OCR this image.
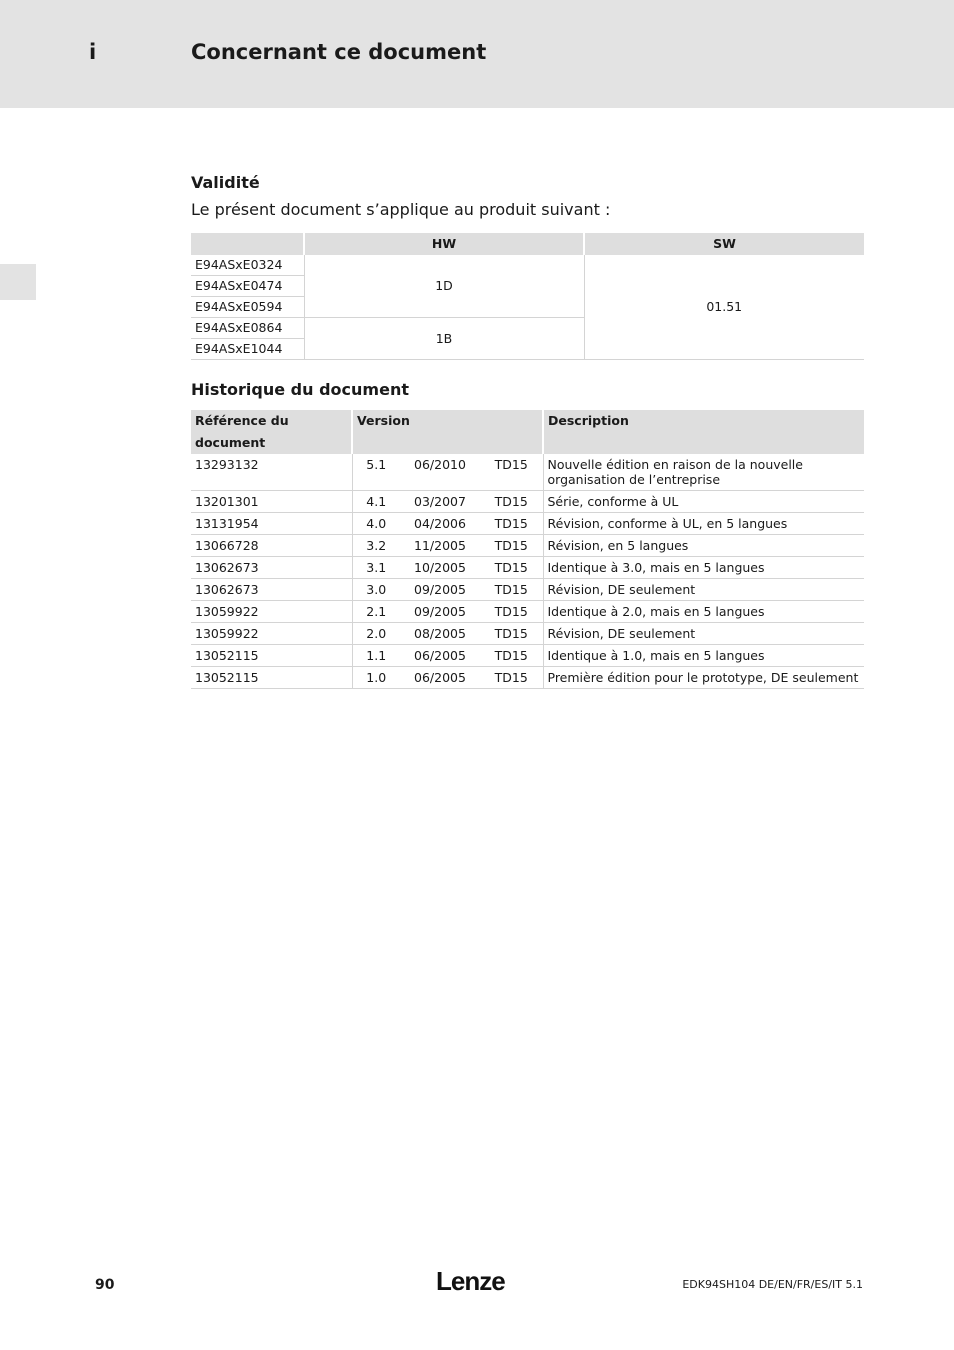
i	Concernant ce document
Validité
Le présent document s’applique au produit suivant :
	HW	SW
E94ASxE0324	1D	01.51
E94ASxE0474		
E94ASxE0594		
E94ASxE0864	1B	
E94ASxE1044		
Historique du document
Référence du document	Version			Description
13293132	5.1	06/2010	TD15	Nouvelle édition en raison de la nouvelle organisation de l’entreprise
13201301	4.1	03/2007	TD15	Série, conforme à UL
13131954	4.0	04/2006	TD15	Révision, conforme à UL, en 5 langues
13066728	3.2	11/2005	TD15	Révision, en 5 langues
13062673	3.1	10/2005	TD15	Identique à 3.0, mais en 5 langues
13062673	3.0	09/2005	TD15	Révision, DE seulement
13059922	2.1	09/2005	TD15	Identique à 2.0, mais en 5 langues
13059922	2.0	08/2005	TD15	Révision, DE seulement
13052115	1.1	06/2005	TD15	Identique à 1.0, mais en 5 langues
13052115	1.0	06/2005	TD15	Première édition pour le prototype, DE seulement
90	Lenze	EDK94SH104 DE/EN/FR/ES/IT 5.1
